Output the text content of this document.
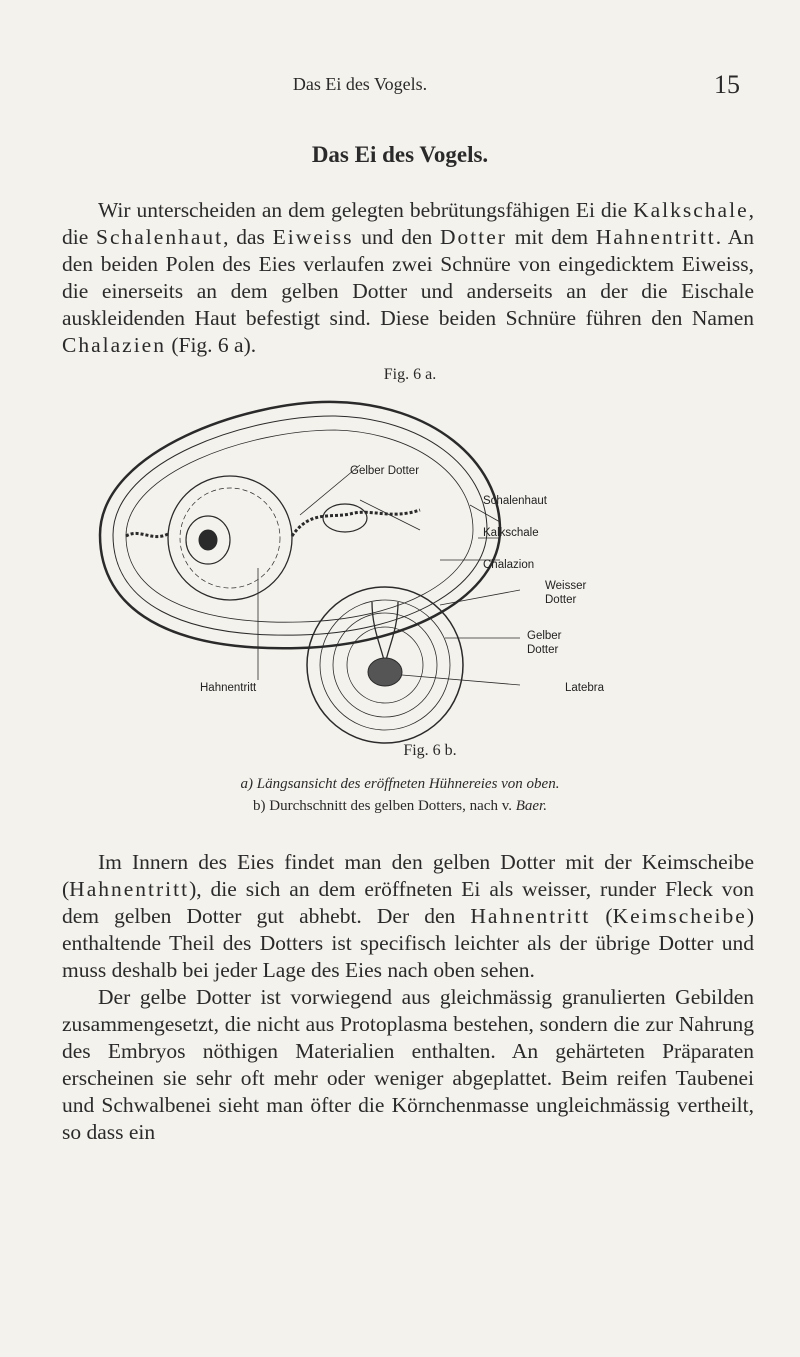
Das Ei des Vogels.	15
Das Ei des Vogels.

Wir unterscheiden an dem gelegten bebrütungsfähigen Ei die Kalkschale, die Schalenhaut, das Eiweiss und den Dotter mit dem Hahnentritt. An den beiden Polen des Eies verlaufen zwei Schnüre von eingedicktem Eiweiss, die einerseits an dem gelben Dotter und anderseits an der die Eischale auskleidenden Haut befestigt sind. Diese beiden Schnüre führen den Namen Chalazien (Fig. 6 a).

Fig. 6 a.
Gelber Dotter
Schalenhaut
Kalkschale
Chalazion
Weisser
Dotter
Gelber
Dotter
Hahnentritt	Latebra
Fig. 6 b.
a) Längsansicht des eröffneten Hühnereies von oben.
b) Durchschnitt des gelben Dotters, nach v. Baer.

Im Innern des Eies findet man den gelben Dotter mit der Keimscheibe (Hahnentritt), die sich an dem eröffneten Ei als weisser, runder Fleck von dem gelben Dotter gut abhebt. Der den Hahnentritt (Keimscheibe) enthaltende Theil des Dotters ist specifisch leichter als der übrige Dotter und muss deshalb bei jeder Lage des Eies nach oben sehen.
Der gelbe Dotter ist vorwiegend aus gleichmässig granulierten Gebilden zusammengesetzt, die nicht aus Protoplasma bestehen, sondern die zur Nahrung des Embryos nöthigen Materialien enthalten. An gehärteten Präparaten erscheinen sie sehr oft mehr oder weniger abgeplattet. Beim reifen Taubenei und Schwalbenei sieht man öfter die Körnchenmasse ungleichmässig vertheilt, so dass ein
